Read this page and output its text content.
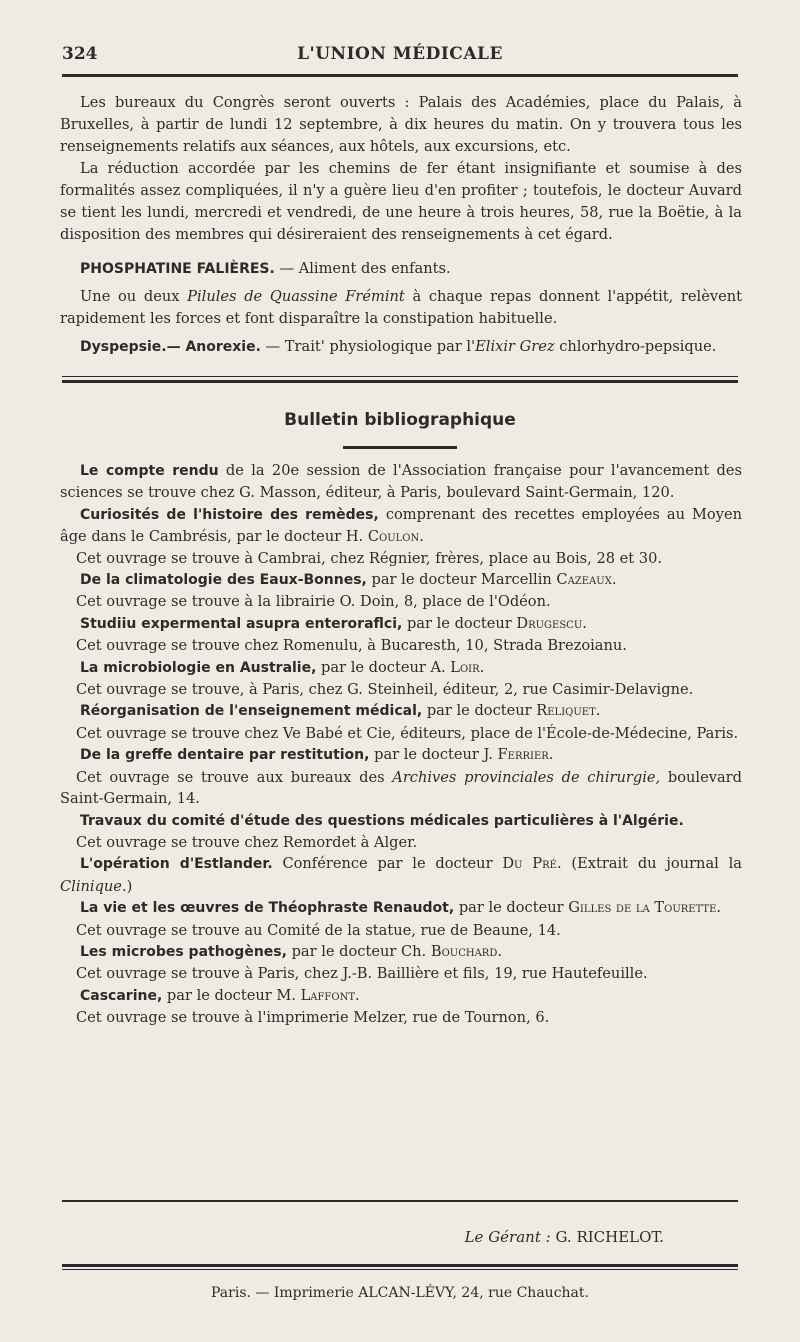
324	L'UNION MÉDICALE

Les bureaux du Congrès seront ouverts : Palais des Académies, place du Palais, à Bruxelles, à partir de lundi 12 septembre, à dix heures du matin. On y trouvera tous les renseignements relatifs aux séances, aux hôtels, aux excursions, etc.

La réduction accordée par les chemins de fer étant insignifiante et soumise à des formalités assez compliquées, il n'y a guère lieu d'en profiter ; toutefois, le docteur Auvard se tient les lundi, mercredi et vendredi, de une heure à trois heures, 58, rue la Boëtie, à la disposition des membres qui désireraient des renseignements à cet égard.

PHOSPHATINE FALIÈRES. — Aliment des enfants.

Une ou deux Pilules de Quassine Frémint à chaque repas donnent l'appétit, relèvent rapidement les forces et font disparaître la constipation habituelle.

Dyspepsie.— Anorexie. — Trait' physiologique par l'Elixir Grez chlorhydro-pepsique.

Bulletin bibliographique

Le compte rendu de la 20e session de l'Association française pour l'avancement des sciences se trouve chez G. Masson, éditeur, à Paris, boulevard Saint-Germain, 120.

Curiosités de l'histoire des remèdes, comprenant des recettes employées au Moyen âge dans le Cambrésis, par le docteur H. Coulon.

Cet ouvrage se trouve à Cambrai, chez Régnier, frères, place au Bois, 28 et 30.

De la climatologie des Eaux-Bonnes, par le docteur Marcellin Cazeaux.

Cet ouvrage se trouve à la librairie O. Doin, 8, place de l'Odéon.

Studiiu expermental asupra enteroraflci, par le docteur Drugescu.

Cet ouvrage se trouve chez Romenulu, à Bucaresth, 10, Strada Brezoianu.

La microbiologie en Australie, par le docteur A. Loir.

Cet ouvrage se trouve, à Paris, chez G. Steinheil, éditeur, 2, rue Casimir-Delavigne.

Réorganisation de l'enseignement médical, par le docteur Reliquet.

Cet ouvrage se trouve chez Ve Babé et Cie, éditeurs, place de l'École-de-Médecine, Paris.

De la greffe dentaire par restitution, par le docteur J. Ferrier.

Cet ouvrage se trouve aux bureaux des Archives provinciales de chirurgie, boulevard Saint-Germain, 14.

Travaux du comité d'étude des questions médicales particulières à l'Algérie.

Cet ouvrage se trouve chez Remordet à Alger.

L'opération d'Estlander. Conférence par le docteur Du Pré. (Extrait du journal la Clinique.)

La vie et les œuvres de Théophraste Renaudot, par le docteur Gilles de la Tourette.

Cet ouvrage se trouve au Comité de la statue, rue de Beaune, 14.

Les microbes pathogènes, par le docteur Ch. Bouchard.

Cet ouvrage se trouve à Paris, chez J.-B. Baillière et fils, 19, rue Hautefeuille.

Cascarine, par le docteur M. Laffont.

Cet ouvrage se trouve à l'imprimerie Melzer, rue de Tournon, 6.

Le Gérant : G. RICHELOT.
Paris. — Imprimerie ALCAN-LÉVY, 24, rue Chauchat.
